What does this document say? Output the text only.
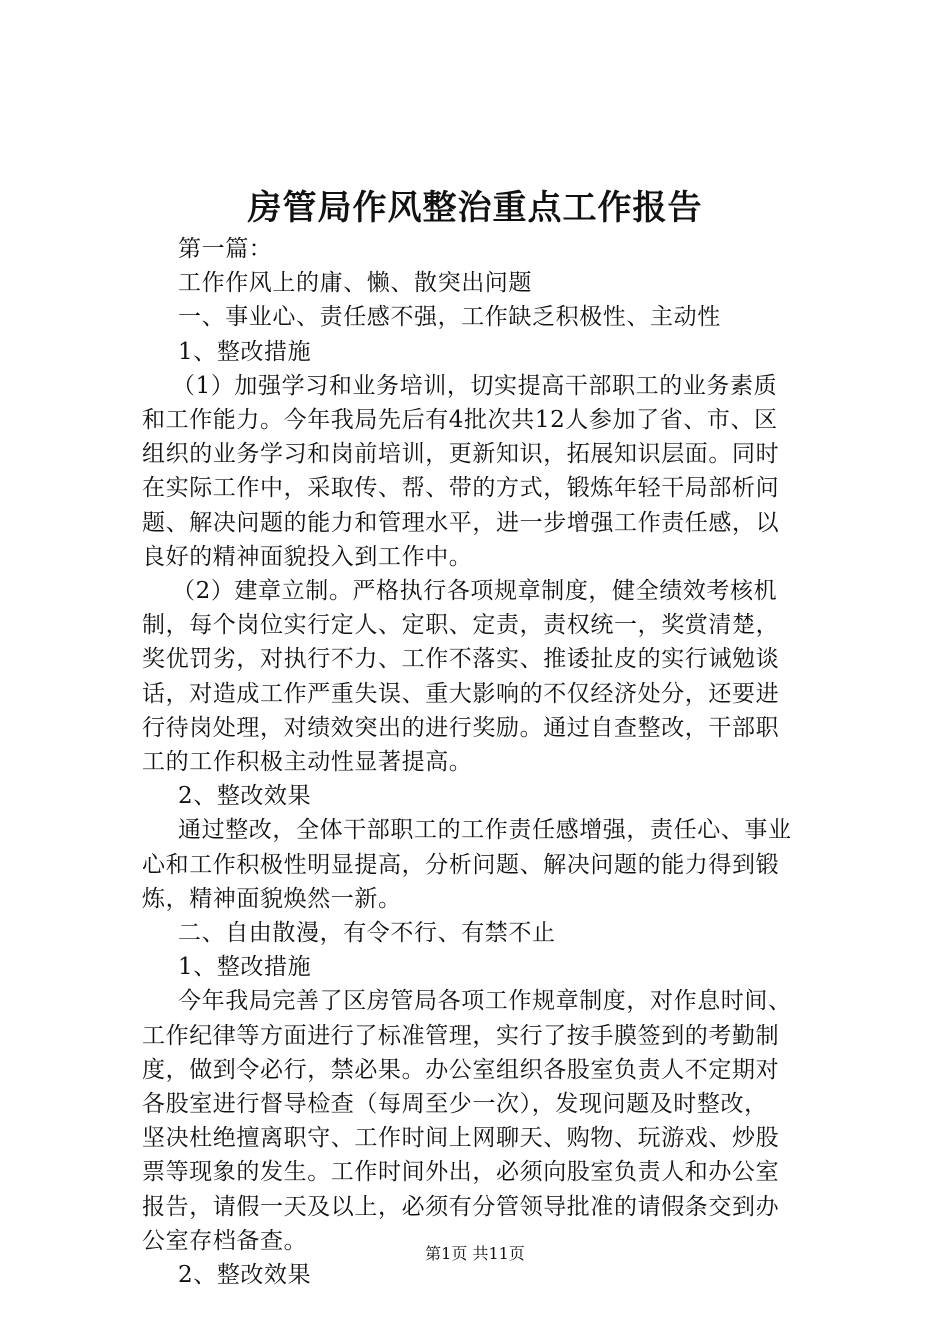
房管局作风整治重点工作报告

第一篇：

工作作风上的庸、懒、散突出问题

一、事业心、责任感不强，工作缺乏积极性、主动性

1、整改措施

（1）加强学习和业务培训，切实提高干部职工的业务素质

和工作能力。今年我局先后有4批次共12人参加了省、市、区

组织的业务学习和岗前培训，更新知识，拓展知识层面。同时

在实际工作中，采取传、帮、带的方式，锻炼年轻干局部析问

题、解决问题的能力和管理水平，进一步增强工作责任感，以

良好的精神面貌投入到工作中。

（2）建章立制。严格执行各项规章制度，健全绩效考核机

制，每个岗位实行定人、定职、定责，责权统一，奖赏清楚，

奖优罚劣，对执行不力、工作不落实、推诿扯皮的实行诫勉谈

话，对造成工作严重失误、重大影响的不仅经济处分，还要进

行待岗处理，对绩效突出的进行奖励。通过自查整改，干部职

工的工作积极主动性显著提高。

2、整改效果

通过整改，全体干部职工的工作责任感增强，责任心、事业

心和工作积极性明显提高，分析问题、解决问题的能力得到锻

炼，精神面貌焕然一新。

二、自由散漫，有令不行、有禁不止

1、整改措施

今年我局完善了区房管局各项工作规章制度，对作息时间、

工作纪律等方面进行了标准管理，实行了按手膜签到的考勤制

度，做到令必行，禁必果。办公室组织各股室负责人不定期对

各股室进行督导检查（每周至少一次），发现问题及时整改，

坚决杜绝擅离职守、工作时间上网聊天、购物、玩游戏、炒股

票等现象的发生。工作时间外出，必须向股室负责人和办公室

报告，请假一天及以上，必须有分管领导批准的请假条交到办

公室存档备查。

2、整改效果

第1页 共11页
